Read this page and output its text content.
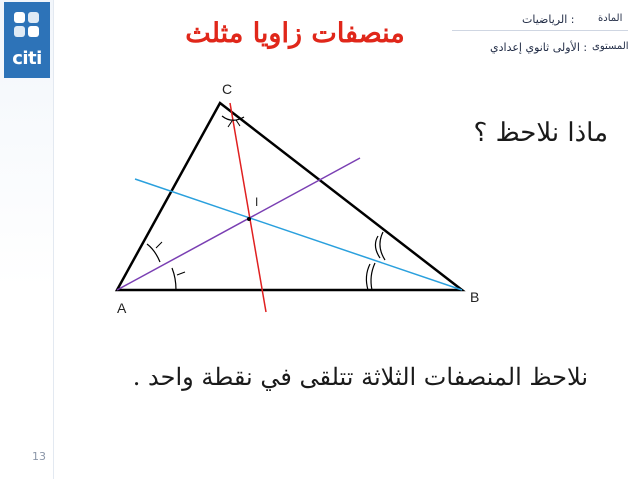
citi
منصفات زاويا مثلث	المادة
: الرياضيات
المستوى
: الأولى ثانوي إعدادي
C
A
B
I
ماذا نلاحظ ؟
نلاحظ المنصفات الثلاثة تتلقى في نقطة واحد .
13
